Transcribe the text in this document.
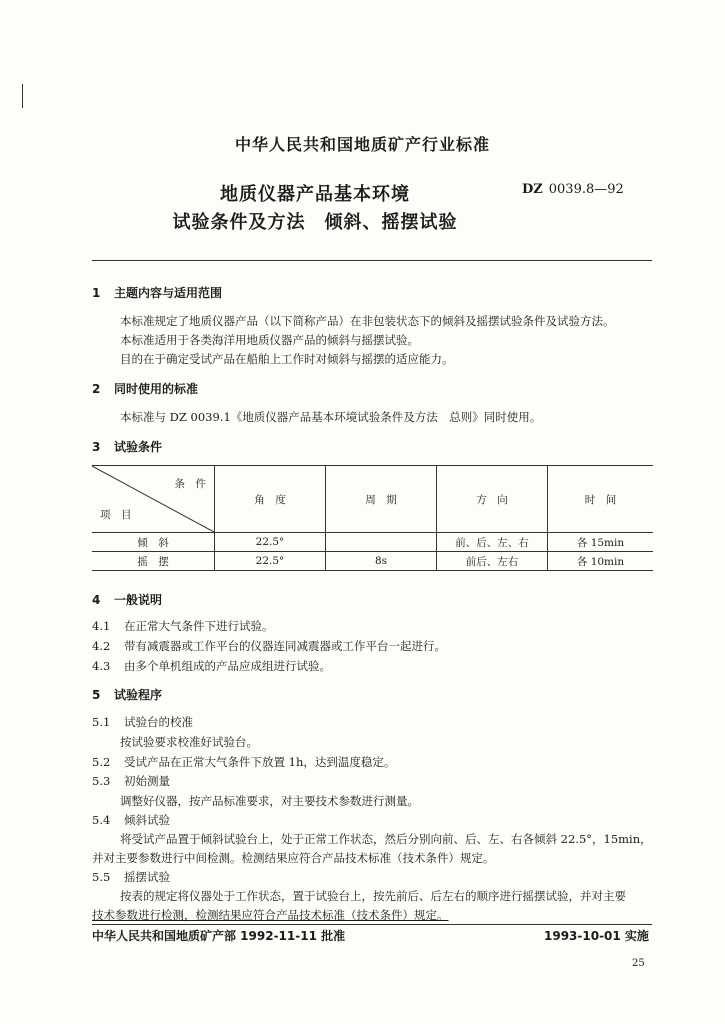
中华人民共和国地质矿产行业标准
地质仪器产品基本环境
试验条件及方法　倾斜、摇摆试验
DZ 0039.8—92
1 主题内容与适用范围
本标准规定了地质仪器产品（以下简称产品）在非包装状态下的倾斜及摇摆试验条件及试验方法。
本标准适用于各类海洋用地质仪器产品的倾斜与摇摆试验。
目的在于确定受试产品在船舶上工作时对倾斜与摇摆的适应能力。
2 同时使用的标准
本标准与 DZ 0039.1《地质仪器产品基本环境试验条件及方法　总则》同时使用。
3 试验条件
条　件
项　目	角　度	周　期	方　向	时　间
倾　斜	22.5°		前、后、左、右	各 15min
摇　摆	22.5°	8s	前后、左右	各 10min
4 一般说明
4.1 在正常大气条件下进行试验。
4.2 带有减震器或工作平台的仪器连同减震器或工作平台一起进行。
4.3 由多个单机组成的产品应成组进行试验。
5 试验程序
5.1 试验台的校准
按试验要求校准好试验台。
5.2 受试产品在正常大气条件下放置 1h，达到温度稳定。
5.3 初始测量
调整好仪器，按产品标准要求，对主要技术参数进行测量。
5.4 倾斜试验
将受试产品置于倾斜试验台上，处于正常工作状态，然后分别向前、后、左、右各倾斜 22.5°，15min，
并对主要参数进行中间检测。检测结果应符合产品技术标准（技术条件）规定。
5.5 摇摆试验
按表的规定将仪器处于工作状态，置于试验台上，按先前后、后左右的顺序进行摇摆试验，并对主要
技术参数进行检测，检测结果应符合产品技术标准（技术条件）规定。
中华人民共和国地质矿产部 1992-11-11 批准	1993-10-01 实施
25
